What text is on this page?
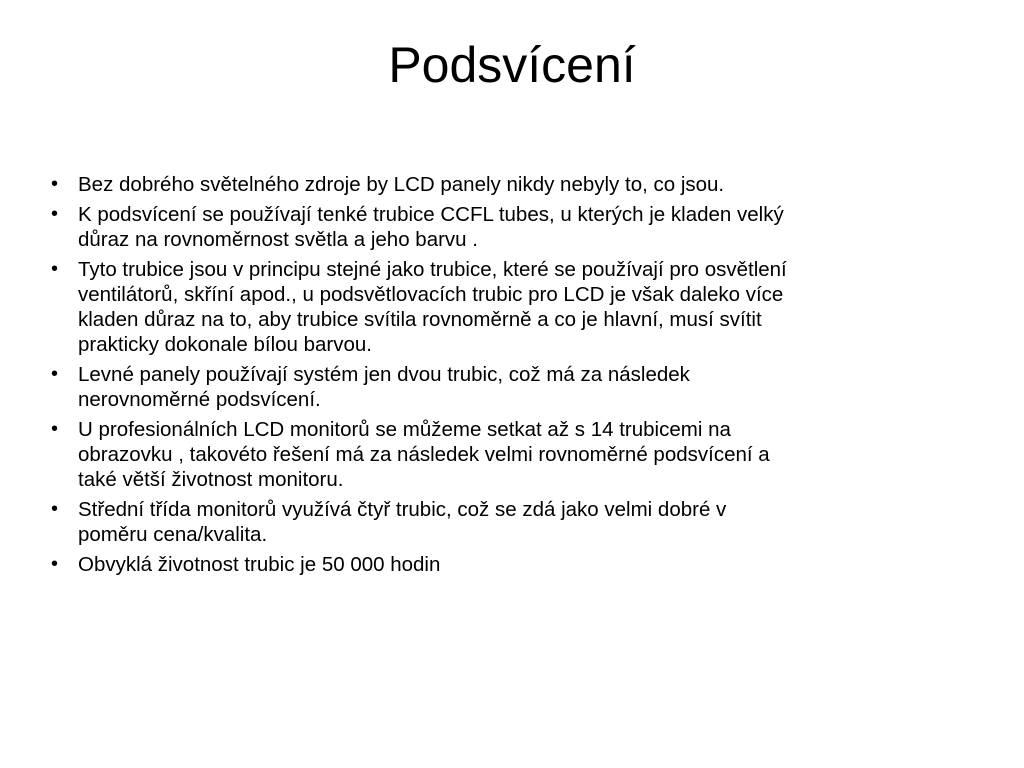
Podsvícení
• Bez dobrého světelného zdroje by LCD panely nikdy nebyly to, co jsou.
• K podsvícení se používají tenké trubice CCFL tubes, u kterých je kladen velký
důraz na rovnoměrnost světla a jeho barvu .
• Tyto trubice jsou v principu stejné jako trubice, které se používají pro osvětlení
ventilátorů, skříní apod., u podsvětlovacích trubic pro LCD je však daleko více
kladen důraz na to, aby trubice svítila rovnoměrně a co je hlavní, musí svítit
prakticky dokonale bílou barvou.
• Levné panely používají systém jen dvou trubic, což má za následek
nerovnoměrné podsvícení.
• U profesionálních LCD monitorů se můžeme setkat až s 14 trubicemi na
obrazovku , takovéto řešení má za následek velmi rovnoměrné podsvícení a
také větší životnost monitoru.
• Střední třída monitorů využívá čtyř trubic, což se zdá jako velmi dobré v
poměru cena/kvalita.
• Obvyklá životnost trubic je 50 000 hodin
